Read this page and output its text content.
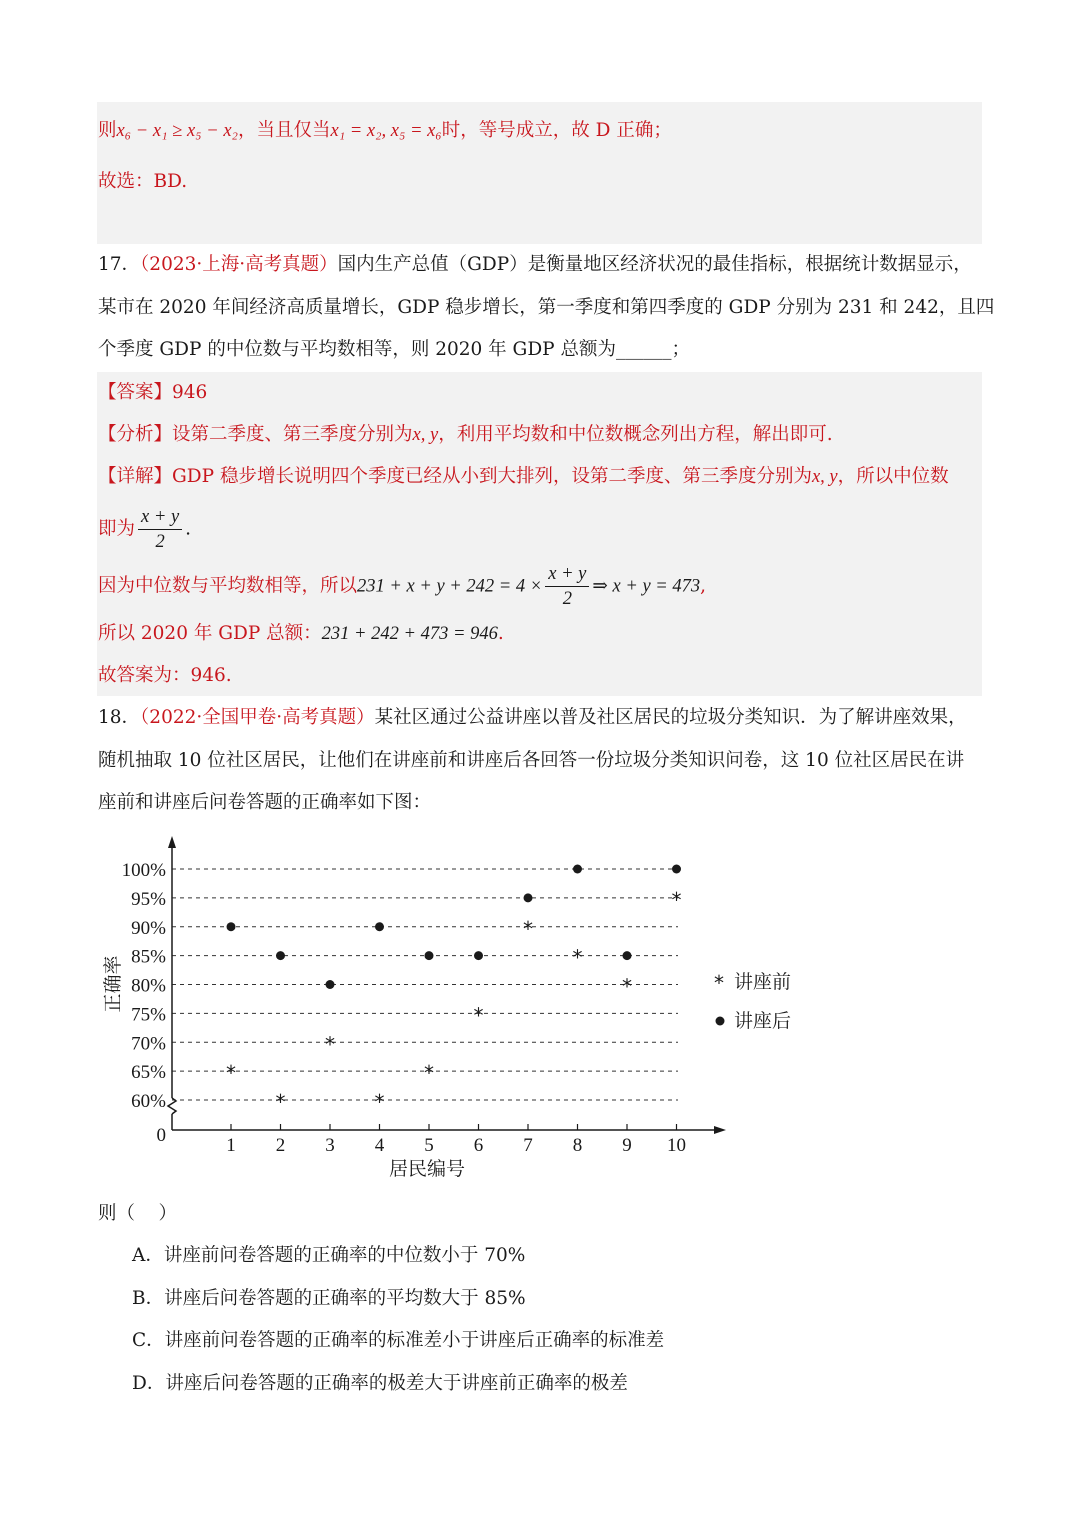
则x₆ − x₁ ≥ x₅ − x₂，当且仅当x₁ = x₂, x₅ = x₆时，等号成立，故 D 正确；
故选：BD.
17．（2023·上海·高考真题）国内生产总值（GDP）是衡量地区经济状况的最佳指标，根据统计数据显示，
某市在 2020 年间经济高质量增长，GDP 稳步增长，第一季度和第四季度的 GDP 分别为 231 和 242，且四
个季度 GDP 的中位数与平均数相等，则 2020 年 GDP 总额为______；
【答案】946
【分析】设第二季度、第三季度分别为x, y，利用平均数和中位数概念列出方程，解出即可.
【详解】GDP 稳步增长说明四个季度已经从小到大排列，设第二季度、第三季度分别为x, y，所以中位数
即为 $\frac{x + y}{2}$ .
因为中位数与平均数相等，所以$231 + x + y + 242 = 4 \times \frac{x + y}{2}$ ⇒ x + y = 473,
所以 2020 年 GDP 总额：231 + 242 + 473 = 946.
故答案为：946.
18．（2022·全国甲卷·高考真题）某社区通过公益讲座以普及社区居民的垃圾分类知识．为了解讲座效果，
随机抽取 10 位社区居民，让他们在讲座前和讲座后各回答一份垃圾分类知识问卷，这 10 位社区居民在讲
座前和讲座后问卷答题的正确率如下图：
0
60%
65%
70%
75%
80%
85%
90%
95%
100%
1 2 3 4 5 6 7 8 9 10
*
*
*
*
*
*
*
*
*
*
* 讲座前
讲座后
居民编号
正确率
则（    ）
A．讲座前问卷答题的正确率的中位数小于 70%
B．讲座后问卷答题的正确率的平均数大于 85%
C．讲座前问卷答题的正确率的标准差小于讲座后正确率的标准差
D．讲座后问卷答题的正确率的极差大于讲座前正确率的极差
